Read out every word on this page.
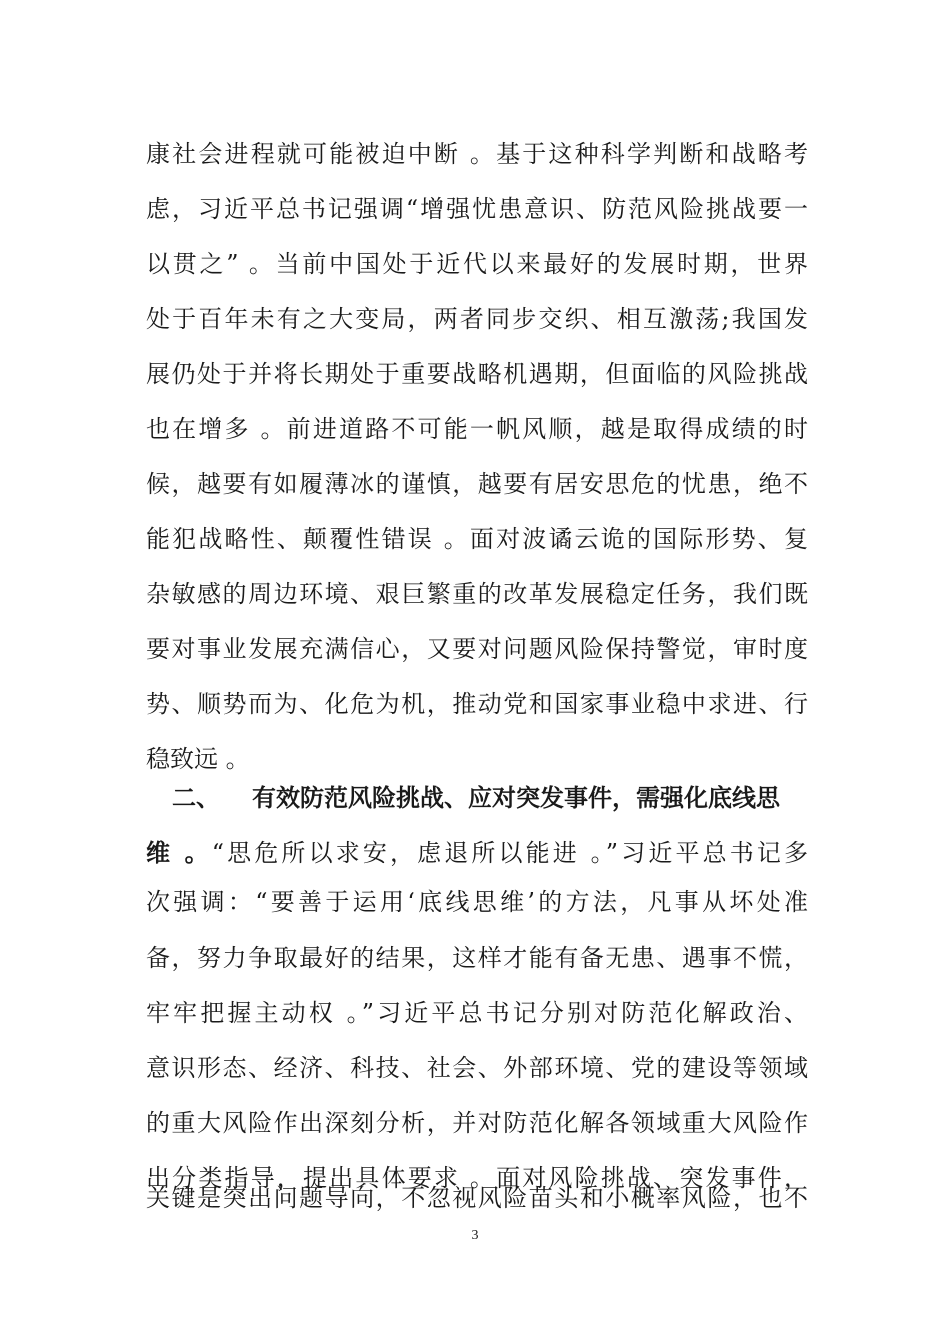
康社会进程就可能被迫中断 。基于这种科学判断和战略考
虑，习近平总书记强调“增强忧患意识、防范风险挑战要一
以贯之” 。当前中国处于近代以来最好的发展时期，世界
处于百年未有之大变局，两者同步交织、相互激荡;我国发
展仍处于并将长期处于重要战略机遇期，但面临的风险挑战
也在增多 。前进道路不可能一帆风顺，越是取得成绩的时
候，越要有如履薄冰的谨慎，越要有居安思危的忧患，绝不
能犯战略性、颠覆性错误 。面对波谲云诡的国际形势、复
杂敏感的周边环境、艰巨繁重的改革发展稳定任务，我们既
要对事业发展充满信心，又要对问题风险保持警觉，审时度
势、顺势而为、化危为机，推动党和国家事业稳中求进、行
稳致远 。
二、 有效防范风险挑战、应对突发事件，需强化底线思
维 。“思危所以求安，虑退所以能进 。”习近平总书记多
次强调：“要善于运用‘底线思维’的方法，凡事从坏处准
备，努力争取最好的结果，这样才能有备无患、遇事不慌，
牢牢把握主动权 。”习近平总书记分别对防范化解政治、
意识形态、经济、科技、社会、外部环境、党的建设等领域
的重大风险作出深刻分析，并对防范化解各领域重大风险作
出分类指导，提出具体要求 。面对风险挑战、突发事件，
关键是突出问题导向，不忽视风险苗头和小概率风险，也不
3
